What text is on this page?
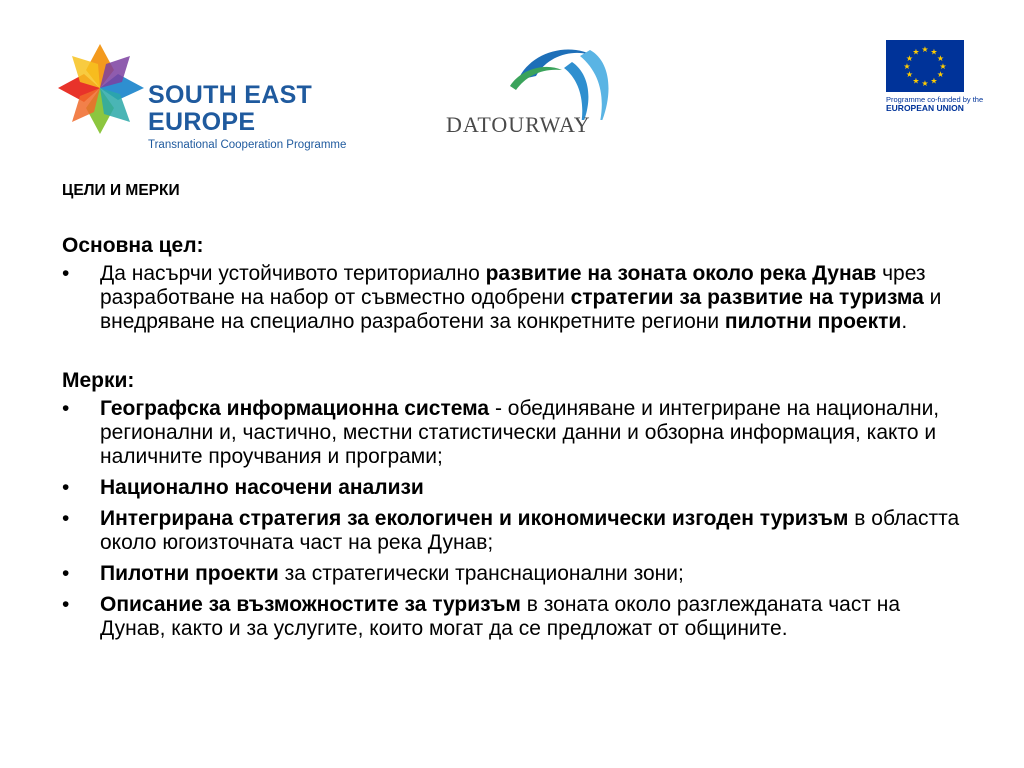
SOUTH EAST
EUROPE
Transnational Cooperation Programme
DATOURWAY
★ ★
★
★
★
★
★
★
★
★
★
★
Programme co-funded by the
EUROPEAN UNION
ЦЕЛИ И МЕРКИ
Основна цел:
• Да насърчи устойчивото териториално развитие на зоната около река Дунав чрез разработване на набор от съвместно одобрени стратегии за развитие на туризма и внедряване на специално разработени за конкретните региони пилотни проекти.
Мерки:
• Географска информационна система - обединяване и интегриране на национални, регионални и, частично, местни статистически данни и обзорна информация, както и наличните проучвания и програми;
• Национално насочени анализи
• Интегрирана стратегия за екологичен и икономически изгоден туризъм в областта около югоизточната част на река Дунав;
• Пилотни проекти за стратегически транснационални зони;
• Описание за възможностите за туризъм в зоната около разглежданата част на Дунав, както и за услугите, които могат да се предложат от общините.
